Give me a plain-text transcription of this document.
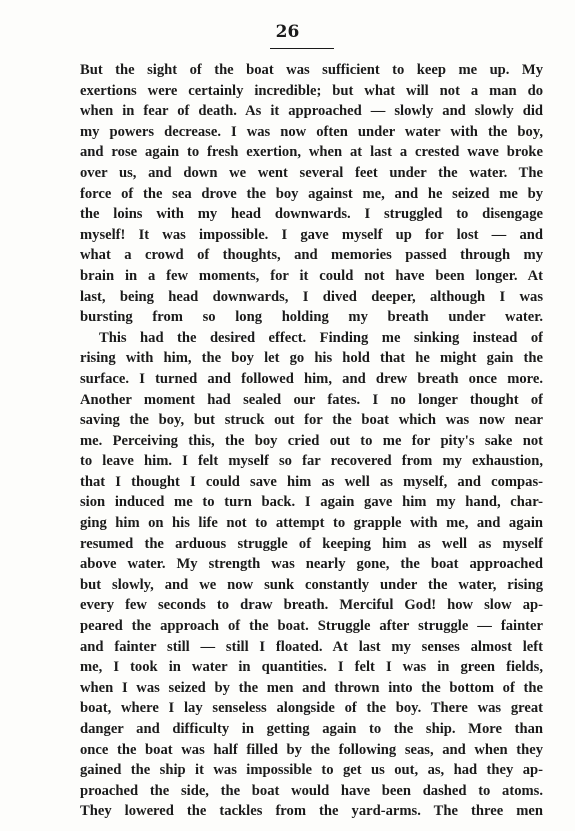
26
But the sight of the boat was sufficient to keep me up. My
exertions were certainly incredible; but what will not a man do
when in fear of death. As it approached — slowly and slowly did
my powers decrease. I was now often under water with the boy,
and rose again to fresh exertion, when at last a crested wave broke
over us, and down we went several feet under the water. The
force of the sea drove the boy against me, and he seized me by
the loins with my head downwards. I struggled to disengage
myself! It was impossible. I gave myself up for lost — and
what a crowd of thoughts, and memories passed through my
brain in a few moments, for it could not have been longer. At
last, being head downwards, I dived deeper, although I was
bursting from so long holding my breath under water.
This had the desired effect. Finding me sinking instead of
rising with him, the boy let go his hold that he might gain the
surface. I turned and followed him, and drew breath once more.
Another moment had sealed our fates. I no longer thought of
saving the boy, but struck out for the boat which was now near
me. Perceiving this, the boy cried out to me for pity's sake not
to leave him. I felt myself so far recovered from my exhaustion,
that I thought I could save him as well as myself, and compas-
sion induced me to turn back. I again gave him my hand, char-
ging him on his life not to attempt to grapple with me, and again
resumed the arduous struggle of keeping him as well as myself
above water. My strength was nearly gone, the boat approached
but slowly, and we now sunk constantly under the water, rising
every few seconds to draw breath. Merciful God! how slow ap-
peared the approach of the boat. Struggle after struggle — fainter
and fainter still — still I floated. At last my senses almost left
me, I took in water in quantities. I felt I was in green fields,
when I was seized by the men and thrown into the bottom of the
boat, where I lay senseless alongside of the boy. There was great
danger and difficulty in getting again to the ship. More than
once the boat was half filled by the following seas, and when they
gained the ship it was impossible to get us out, as, had they ap-
proached the side, the boat would have been dashed to atoms.
They lowered the tackles from the yard-arms. The three men
